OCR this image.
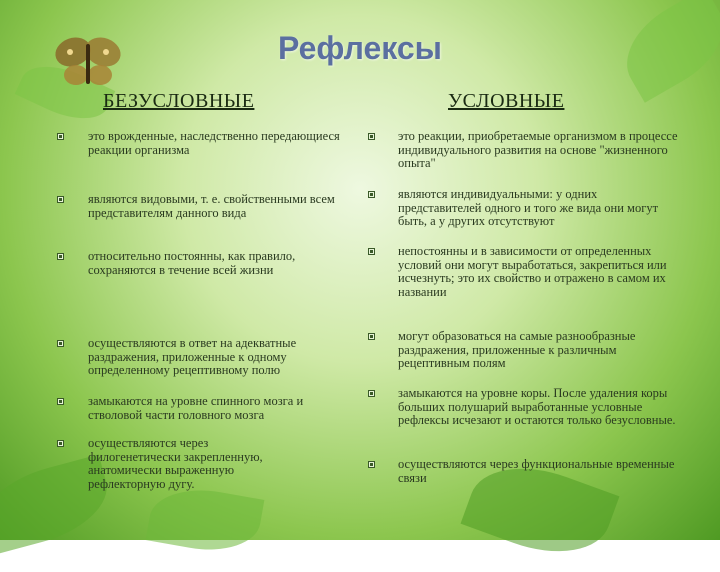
Рефлексы
БЕЗУСЛОВНЫЕ	УСЛОВНЫЕ
это врожденные, наследственно передающиеся реакции организма
являются видовыми, т. е. свойственными всем представителям данного вида
относительно постоянны, как правило, сохраняются в течение всей жизни
осуществляются в ответ на адекватные раздражения, приложенные к одному определенному рецептивному полю
замыкаются на уровне спинного мозга и стволовой части головного мозга
осуществляются через филогенетически закрепленную, анатомически выраженную рефлекторную дугу.
это реакции, приобретаемые организмом в процессе индивидуального развития на основе "жизненного опыта"
являются индивидуальными: у одних представителей одного и того же вида они могут быть, а у других отсутствуют
непостоянны и в зависимости от определенных условий они могут выработаться, закрепиться или исчезнуть; это их свойство и отражено в самом их названии
могут образоваться на самые разнообразные раздражения, приложенные к различным рецептивным полям
замыкаются на уровне коры. После удаления коры больших полушарий выработанные условные рефлексы исчезают и остаются только безусловные.
осуществляются через функциональные временные связи
